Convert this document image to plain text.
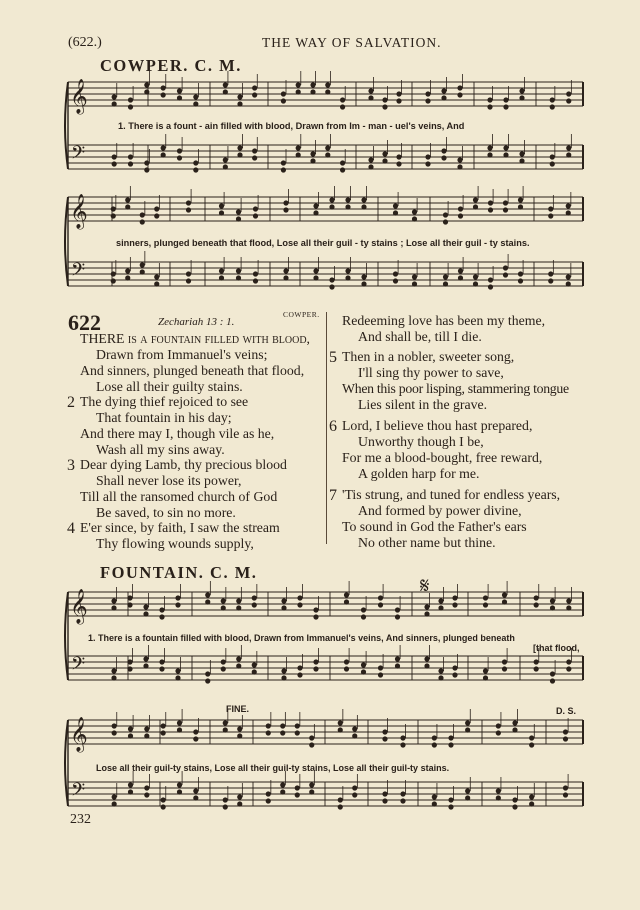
(622.)	THE WAY OF SALVATION.
COWPER. C. M.
𝄞
𝄢
𝄞
𝄢
𝄞
𝄢
𝄞
𝄢
1. There is a fount - ain filled with blood, Drawn from Im - man - uel's veins, And
sinners, plunged beneath that flood, Lose all their guil - ty stains ; Lose all their guil - ty stains.
622	Zechariah 13 : 1.
COWPER.
THERE is a fountain filled with blood,
Drawn from Immanuel's veins;
And sinners, plunged beneath that flood,
Lose all their guilty stains.
2 The dying thief rejoiced to see
That fountain in his day;
And there may I, though vile as he,
Wash all my sins away.
3 Dear dying Lamb, thy precious blood
Shall never lose its power,
Till all the ransomed church of God
Be saved, to sin no more.
4 E'er since, by faith, I saw the stream
Thy flowing wounds supply,
Redeeming love has been my theme,
And shall be, till I die.
5 Then in a nobler, sweeter song,
I'll sing thy power to save,
When this poor lisping, stammering tongue
Lies silent in the grave.
6 Lord, I believe thou hast prepared,
Unworthy though I be,
For me a blood-bought, free reward,
A golden harp for me.
7 'Tis strung, and tuned for endless years,
And formed by power divine,
To sound in God the Father's ears
No other name but thine.
FOUNTAIN. C. M.
𝄋
1. There is a fountain filled with blood, Drawn from Immanuel's veins, And sinners, plunged beneath
[that flood,
Lose all their guil-ty stains, Lose all their guil-ty stains, Lose all their guil-ty stains.
FINE.	D. S.
232
